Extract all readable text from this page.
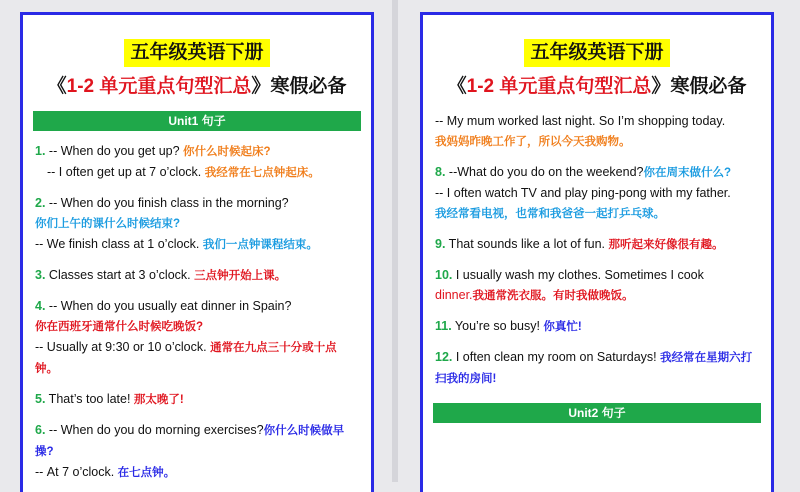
五年级英语下册
《1-2 单元重点句型汇总》寒假必备
Unit1 句子
1. -- When do you get up? 你什么时候起床?
-- I often get up at 7 o’clock. 我经常在七点钟起床。
2. -- When do you finish class in the morning?
你们上午的课什么时候结束?
-- We finish class at 1 o’clock. 我们一点钟课程结束。
3. Classes start at 3 o’clock. 三点钟开始上课。
4. -- When do you usually eat dinner in Spain?
你在西班牙通常什么时候吃晚饭?
-- Usually at 9:30 or 10 o’clock. 通常在九点三十分或十点钟。
5. That’s too late! 那太晚了!
6. -- When do you do morning exercises?你什么时候做早操?
-- At 7 o’clock. 在七点钟。
五年级英语下册
《1-2 单元重点句型汇总》寒假必备
-- My mum worked last night. So I’m shopping today.
我妈妈昨晚工作了，所以今天我购物。
8. --What do you do on the weekend?你在周末做什么?
-- I often watch TV and play ping-pong with my father.
我经常看电视，也常和我爸爸一起打乒乓球。
9. That sounds like a lot of fun. 那听起来好像很有趣。
10. I usually wash my clothes. Sometimes I cook
dinner.我通常洗衣服。有时我做晚饭。
11. You’re so busy! 你真忙!
12. I often clean my room on Saturdays! 我经常在星期六打扫我的房间!
Unit2 句子
